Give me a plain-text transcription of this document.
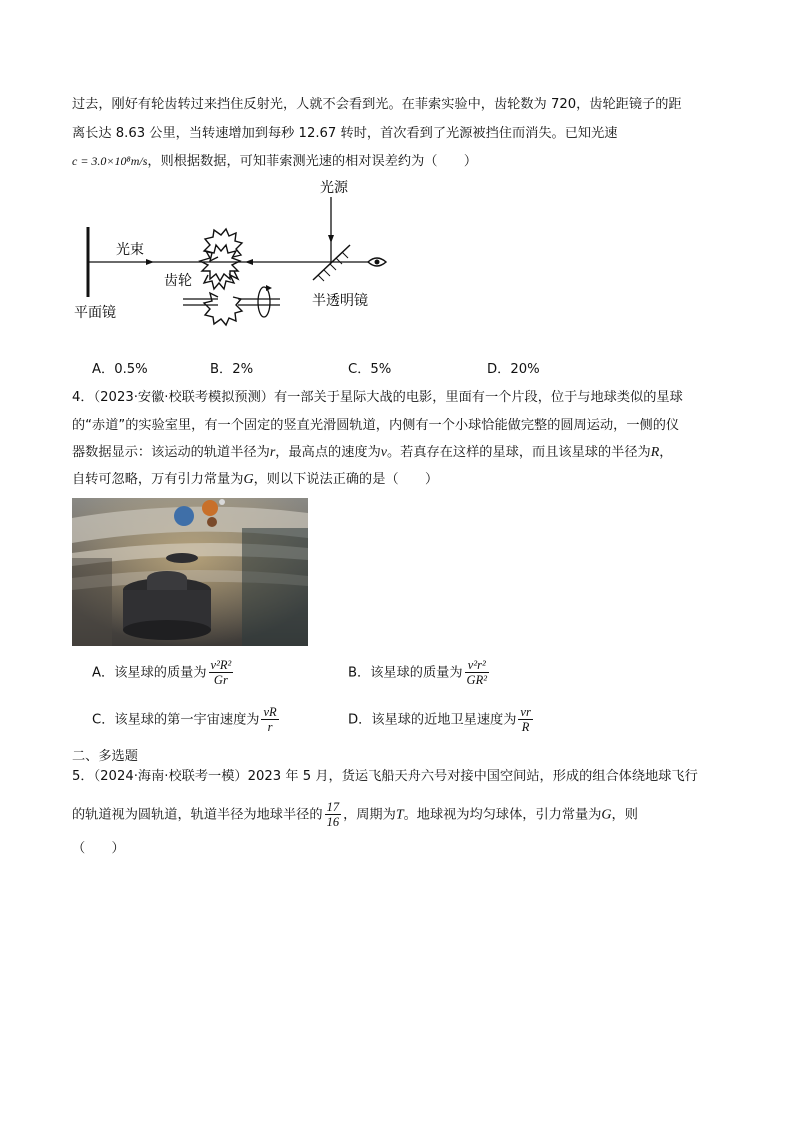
过去，刚好有轮齿转过来挡住反射光，人就不会看到光。在菲索实验中，齿轮数为 720，齿轮距镜子的距
离长达 8.63 公里，当转速增加到每秒 12.67 转时，首次看到了光源被挡住而消失。已知光速
c = 3.0×10⁸m/s，则根据数据，可知菲索测光速的相对误差约为（　　）
光源
光束
齿轮
平面镜
半透明镜
A．0.5%	B．2%	C．5%	D．20%
4．（2023·安徽·校联考模拟预测）有一部关于星际大战的电影，里面有一个片段，位于与地球类似的星球
的“赤道”的实验室里，有一个固定的竖直光滑圆轨道，内侧有一个小球恰能做完整的圆周运动，一侧的仪
器数据显示：该运动的轨道半径为r，最高点的速度为v。若真存在这样的星球，而且该星球的半径为R，
自转可忽略，万有引力常量为G，则以下说法正确的是（　　）
A．该星球的质量为 $\frac{\text{v²R²}}{Gr}$	B．该星球的质量为 $\frac{\text{v²r²}}{\text{GR²}}$
C．该星球的第一宇宙速度为 $\frac{vR}{r}$	D．该星球的近地卫星速度为 $\frac{vr}{R}$
二、多选题
5．（2024·海南·校联考一模）2023 年 5 月，货运飞船天舟六号对接中国空间站，形成的组合体绕地球飞行
的轨道视为圆轨道，轨道半径为地球半径的 $\frac{17}{16}$ ，周期为T。地球视为均匀球体，引力常量为G，则
（　　）
